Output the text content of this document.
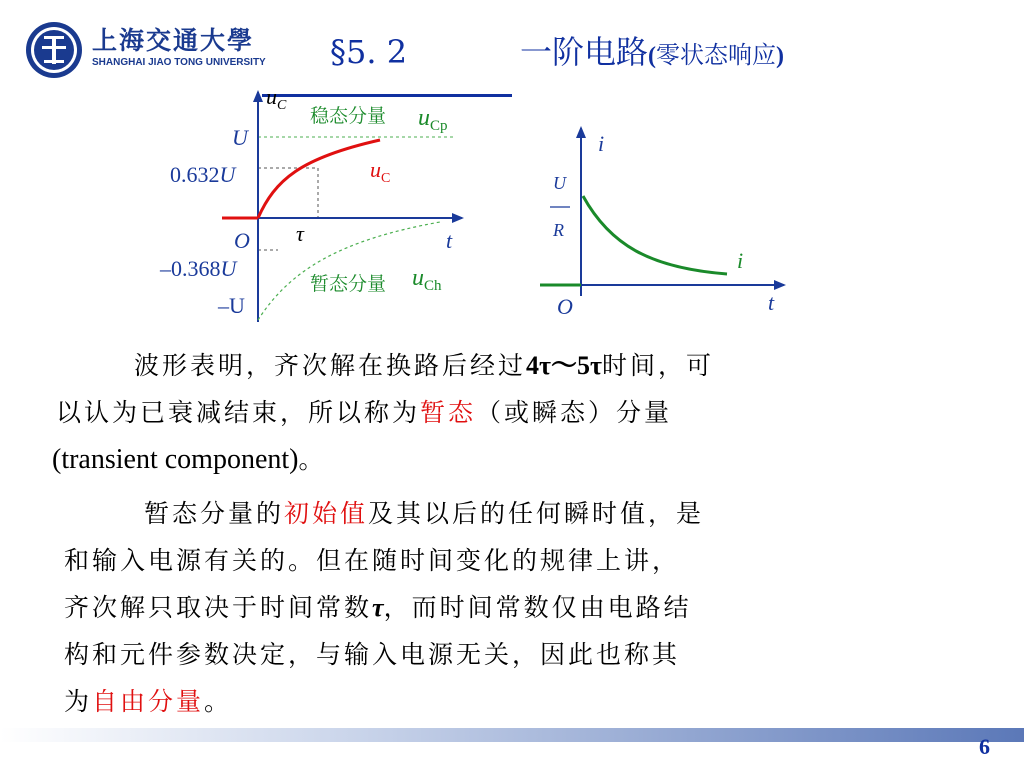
上海交通大學
SHANGHAI JIAO TONG UNIVERSITY §5. 2	一阶电路(零状态响应)
$u_C$ 稳态分量 $u_{Cp}$
U
0.632U	$u_C$
O τ	t
–0.368U
暂态分量 $u_{Ch}$
–U
i
U
R
i
O	t
波形表明，齐次解在换路后经过4τ～5τ时间，可
以认为已衰减结束，所以称为暂态（或瞬态）分量
(transient component)。
暂态分量的初始值及其以后的任何瞬时值，是
和输入电源有关的。但在随时间变化的规律上讲，
齐次解只取决于时间常数τ，而时间常数仅由电路结
构和元件参数决定，与输入电源无关，因此也称其
为自由分量。
6
